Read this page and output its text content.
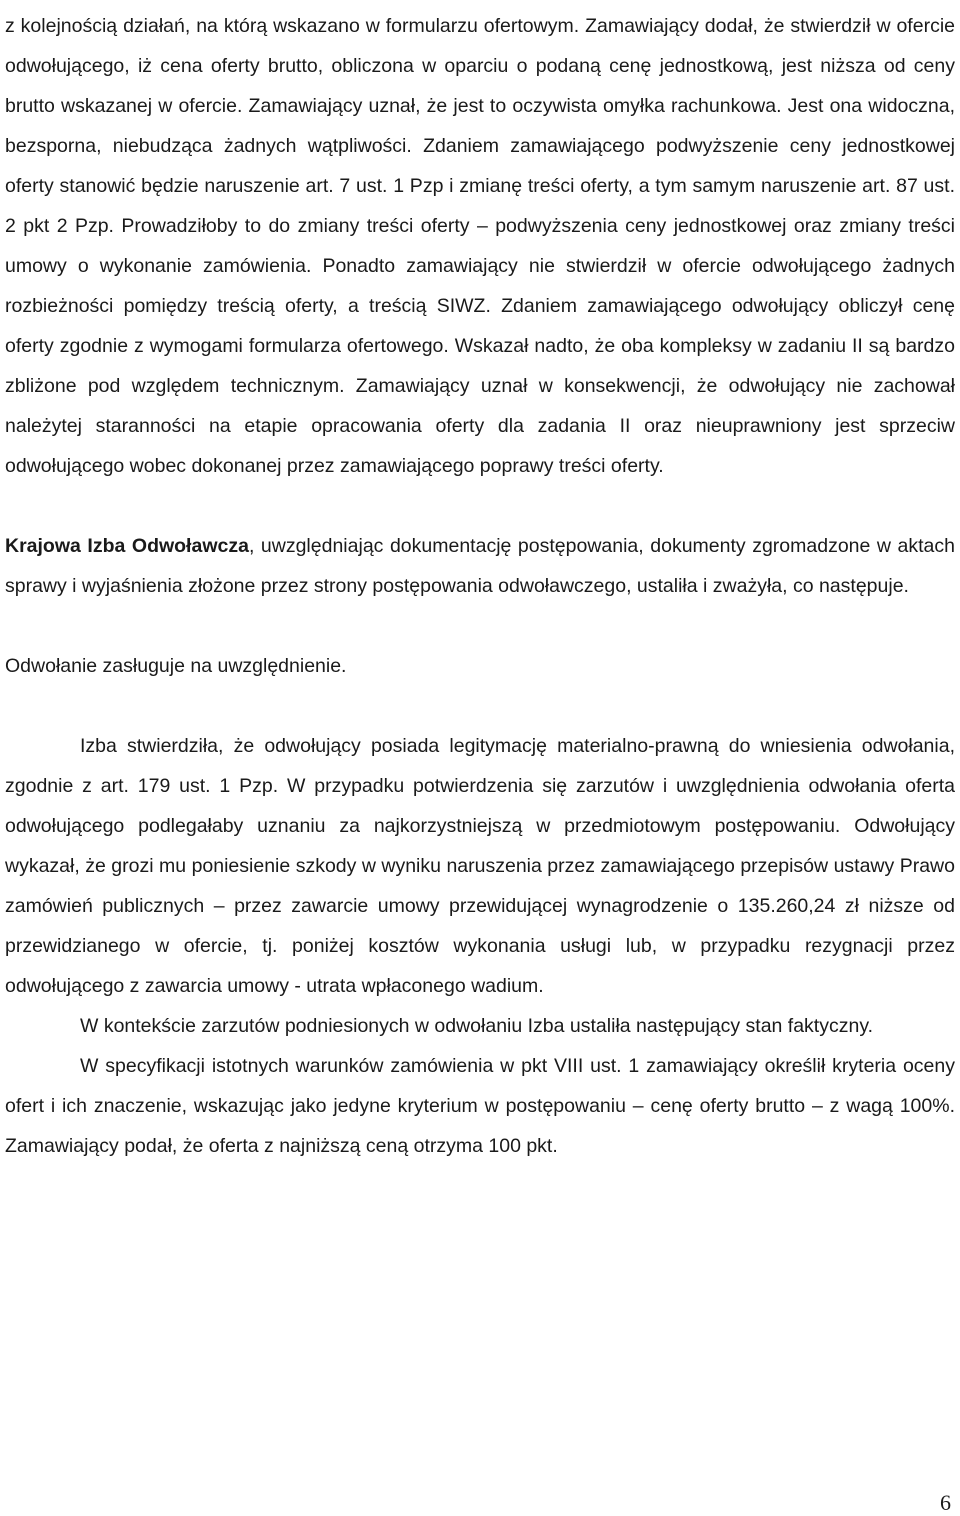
z kolejnością działań, na którą wskazano w formularzu ofertowym. Zamawiający dodał, że stwierdził w ofercie odwołującego, iż cena oferty brutto, obliczona w oparciu o podaną cenę jednostkową, jest niższa od ceny brutto wskazanej w ofercie. Zamawiający uznał, że jest to oczywista omyłka rachunkowa. Jest ona widoczna, bezsporna, niebudząca żadnych wątpliwości. Zdaniem zamawiającego podwyższenie ceny jednostkowej oferty stanowić będzie naruszenie art. 7 ust. 1 Pzp i zmianę treści oferty, a tym samym naruszenie art. 87 ust. 2 pkt 2 Pzp. Prowadziłoby to do zmiany treści oferty – podwyższenia ceny jednostkowej oraz zmiany treści umowy o wykonanie zamówienia. Ponadto zamawiający nie stwierdził w ofercie odwołującego żadnych rozbieżności pomiędzy treścią oferty, a treścią SIWZ. Zdaniem zamawiającego odwołujący obliczył cenę oferty zgodnie z wymogami formularza ofertowego. Wskazał nadto, że oba kompleksy w zadaniu II są bardzo zbliżone pod względem technicznym. Zamawiający uznał w konsekwencji, że odwołujący nie zachował należytej staranności na etapie opracowania oferty dla zadania II oraz nieuprawniony jest sprzeciw odwołującego wobec dokonanej przez zamawiającego poprawy treści oferty.

Krajowa Izba Odwoławcza, uwzględniając dokumentację postępowania, dokumenty zgromadzone w aktach sprawy i wyjaśnienia złożone przez strony postępowania odwoławczego, ustaliła i zważyła, co następuje.

Odwołanie zasługuje na uwzględnienie.

Izba stwierdziła, że odwołujący posiada legitymację materialno-prawną do wniesienia odwołania, zgodnie z art. 179 ust. 1 Pzp. W przypadku potwierdzenia się zarzutów i uwzględnienia odwołania oferta odwołującego podlegałaby uznaniu za najkorzystniejszą w przedmiotowym postępowaniu. Odwołujący wykazał, że grozi mu poniesienie szkody w wyniku naruszenia przez zamawiającego przepisów ustawy Prawo zamówień publicznych – przez zawarcie umowy przewidującej wynagrodzenie o 135.260,24 zł niższe od przewidzianego w ofercie, tj. poniżej kosztów wykonania usługi lub, w przypadku rezygnacji przez odwołującego z zawarcia umowy - utrata wpłaconego wadium.

W kontekście zarzutów podniesionych w odwołaniu Izba ustaliła następujący stan faktyczny.

W specyfikacji istotnych warunków zamówienia w pkt VIII ust. 1 zamawiający określił kryteria oceny ofert i ich znaczenie, wskazując jako jedyne kryterium w postępowaniu – cenę oferty brutto – z wagą 100%. Zamawiający podał, że oferta z najniższą ceną otrzyma 100 pkt.

6
